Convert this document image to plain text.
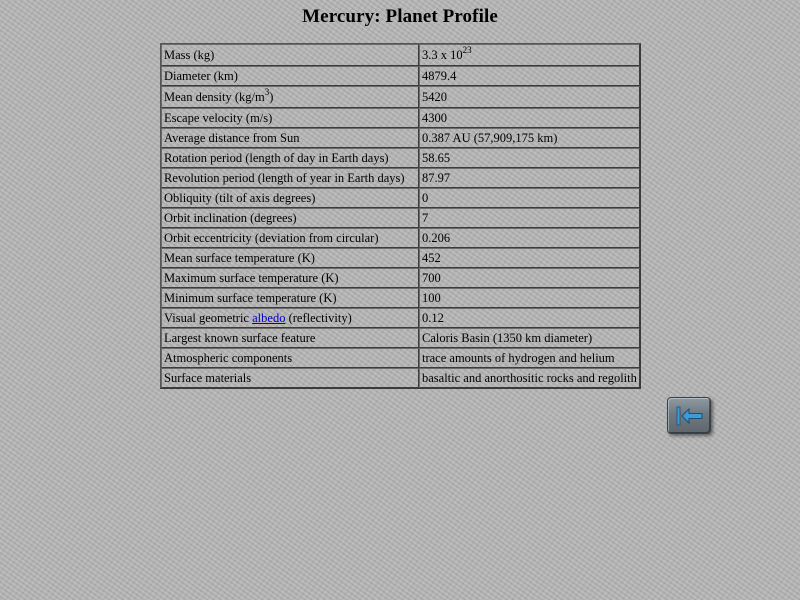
Mercury: Planet Profile
Mass (kg)	3.3 x $10^{23}$
Diameter (km)	4879.4
Mean density $(kg/m^3)$	5420
Escape velocity (m/s)	4300
Average distance from Sun	0.387 AU (57,909,175 km)
Rotation period (length of day in Earth days)	58.65
Revolution period (length of year in Earth days)	87.97
Obliquity (tilt of axis degrees)	0
Orbit inclination (degrees)	7
Orbit eccentricity (deviation from circular)	0.206
Mean surface temperature (K)	452
Maximum surface temperature (K)	700
Minimum surface temperature (K)	100
Visual geometric albedo (reflectivity)	0.12
Largest known surface feature	Caloris Basin (1350 km diameter)
Atmospheric components	trace amounts of hydrogen and helium
Surface materials	basaltic and anorthositic rocks and regolith
